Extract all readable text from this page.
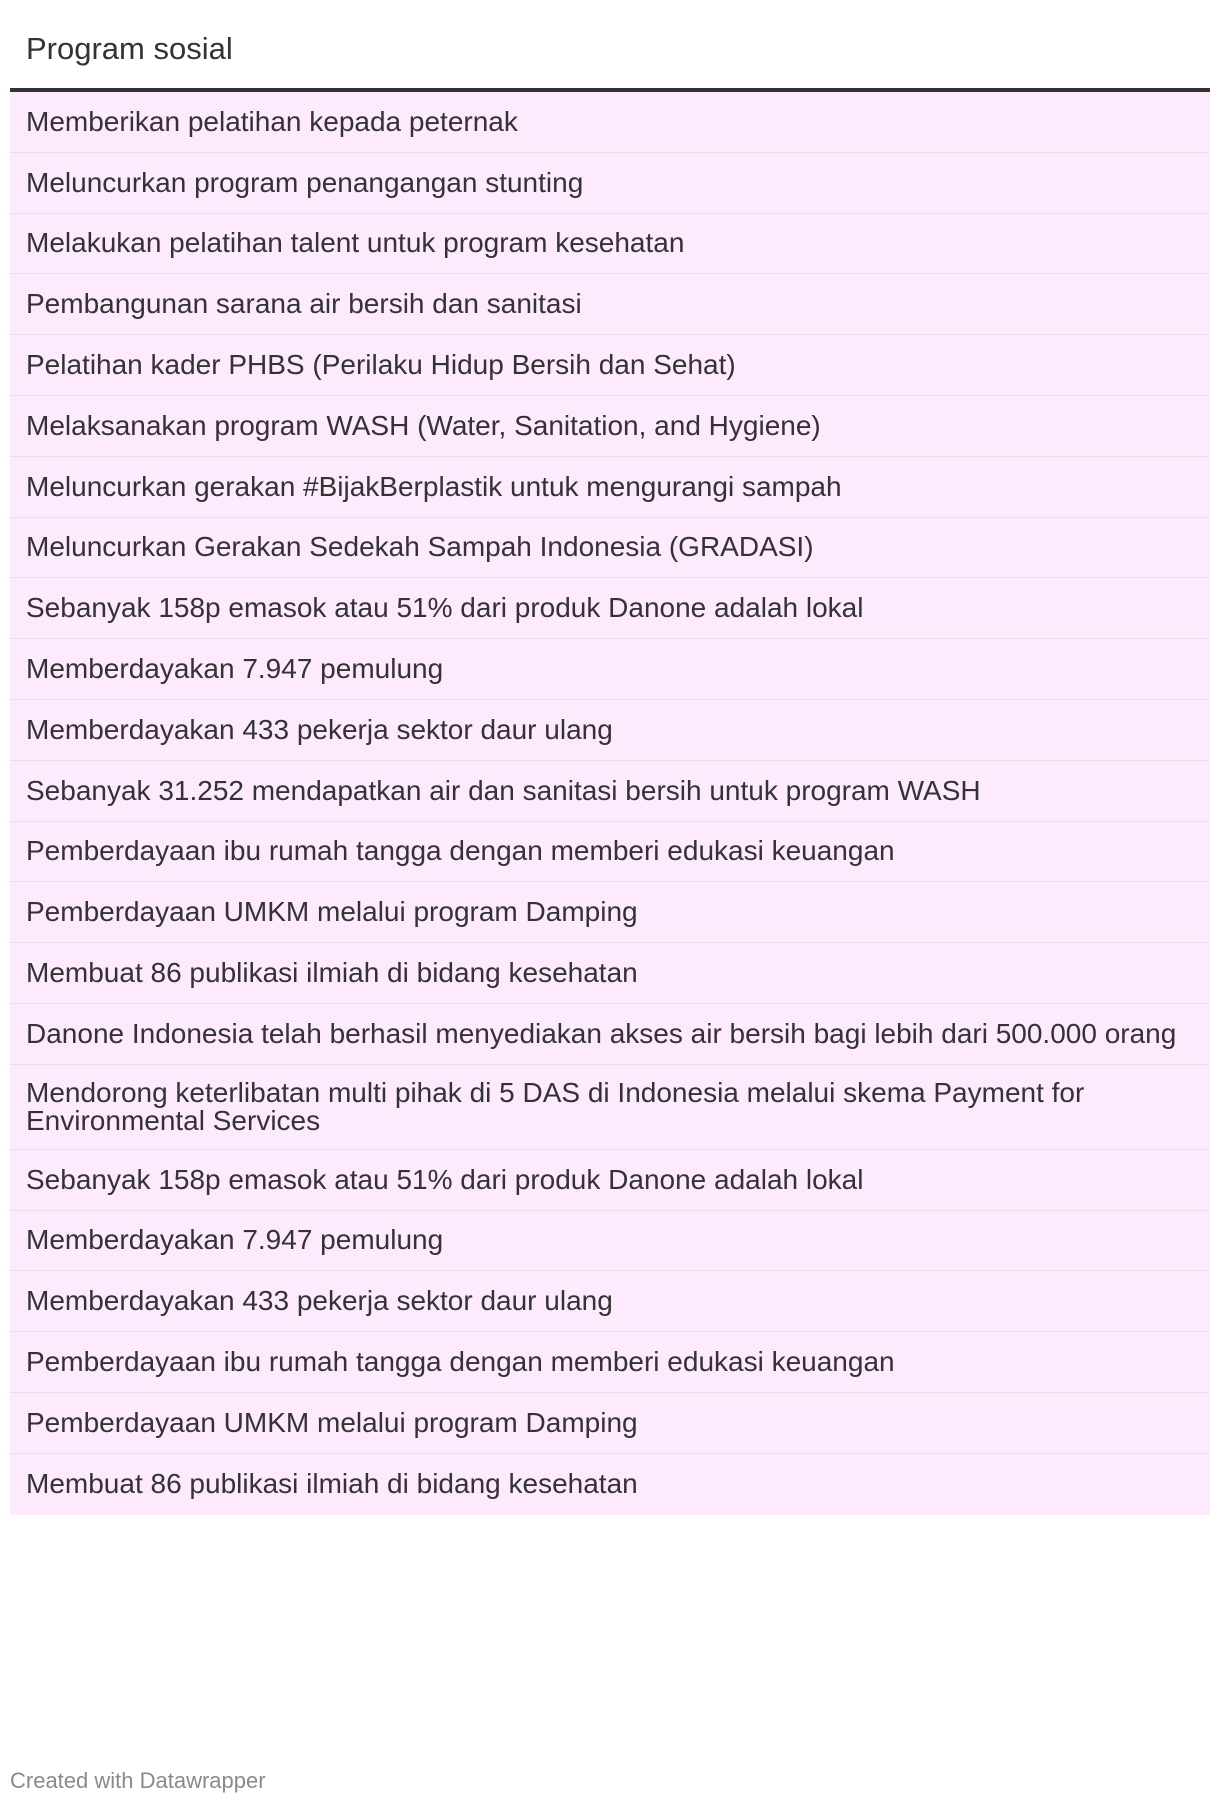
Program sosial
Memberikan pelatihan kepada peternak
Meluncurkan program penangangan stunting
Melakukan pelatihan talent untuk program kesehatan
Pembangunan sarana air bersih dan sanitasi
Pelatihan kader PHBS (Perilaku Hidup Bersih dan Sehat)
Melaksanakan program WASH (Water, Sanitation, and Hygiene)
Meluncurkan gerakan #BijakBerplastik untuk mengurangi sampah
Meluncurkan Gerakan Sedekah Sampah Indonesia (GRADASI)
Sebanyak 158p emasok atau 51% dari produk Danone adalah lokal
Memberdayakan 7.947 pemulung
Memberdayakan 433 pekerja sektor daur ulang
Sebanyak 31.252 mendapatkan air dan sanitasi bersih untuk program WASH
Pemberdayaan ibu rumah tangga dengan memberi edukasi keuangan
Pemberdayaan UMKM melalui program Damping
Membuat 86 publikasi ilmiah di bidang kesehatan
Danone Indonesia telah berhasil menyediakan akses air bersih bagi lebih dari 500.000 orang
Mendorong keterlibatan multi pihak di 5 DAS di Indonesia melalui skema Payment for Environmental Services
Sebanyak 158p emasok atau 51% dari produk Danone adalah lokal
Memberdayakan 7.947 pemulung
Memberdayakan 433 pekerja sektor daur ulang
Pemberdayaan ibu rumah tangga dengan memberi edukasi keuangan
Pemberdayaan UMKM melalui program Damping
Membuat 86 publikasi ilmiah di bidang kesehatan
Created with Datawrapper
